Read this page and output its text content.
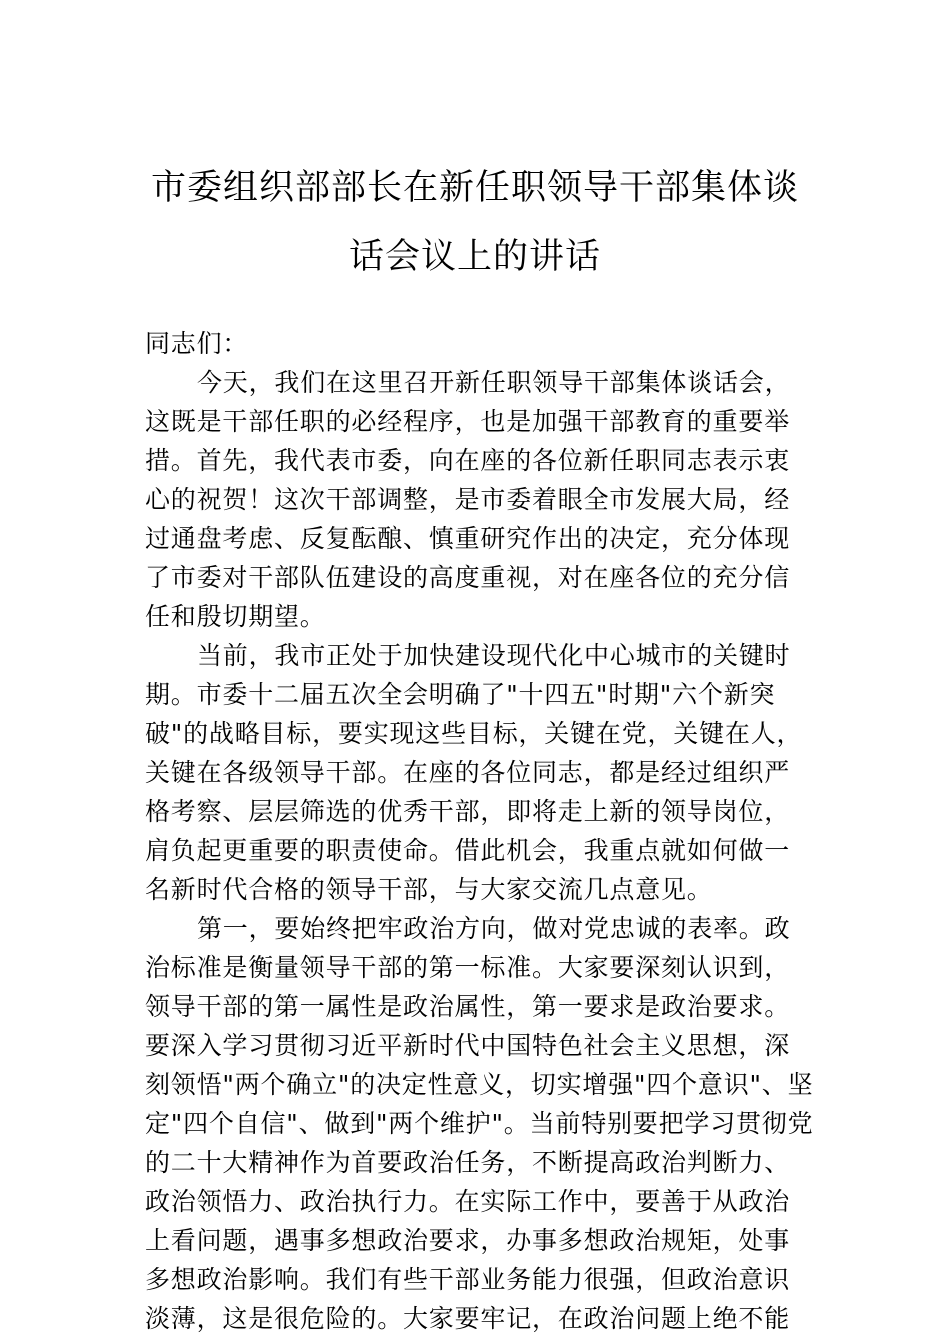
市委组织部部长在新任职领导干部集体谈
话会议上的讲话
同志们：
今天，我们在这里召开新任职领导干部集体谈话会，
这既是干部任职的必经程序，也是加强干部教育的重要举
措。首先，我代表市委，向在座的各位新任职同志表示衷
心的祝贺！这次干部调整，是市委着眼全市发展大局，经
过通盘考虑、反复酝酿、慎重研究作出的决定，充分体现
了市委对干部队伍建设的高度重视，对在座各位的充分信
任和殷切期望。
当前，我市正处于加快建设现代化中心城市的关键时
期。市委十二届五次全会明确了"十四五"时期"六个新突
破"的战略目标，要实现这些目标，关键在党，关键在人，
关键在各级领导干部。在座的各位同志，都是经过组织严
格考察、层层筛选的优秀干部，即将走上新的领导岗位，
肩负起更重要的职责使命。借此机会，我重点就如何做一
名新时代合格的领导干部，与大家交流几点意见。
第一，要始终把牢政治方向，做对党忠诚的表率。政
治标准是衡量领导干部的第一标准。大家要深刻认识到，
领导干部的第一属性是政治属性，第一要求是政治要求。
要深入学习贯彻习近平新时代中国特色社会主义思想，深
刻领悟"两个确立"的决定性意义，切实增强"四个意识"、坚
定"四个自信"、做到"两个维护"。当前特别要把学习贯彻党
的二十大精神作为首要政治任务，不断提高政治判断力、
政治领悟力、政治执行力。在实际工作中，要善于从政治
上看问题，遇事多想政治要求，办事多想政治规矩，处事
多想政治影响。我们有些干部业务能力很强，但政治意识
淡薄，这是很危险的。大家要牢记，在政治问题上绝不能
